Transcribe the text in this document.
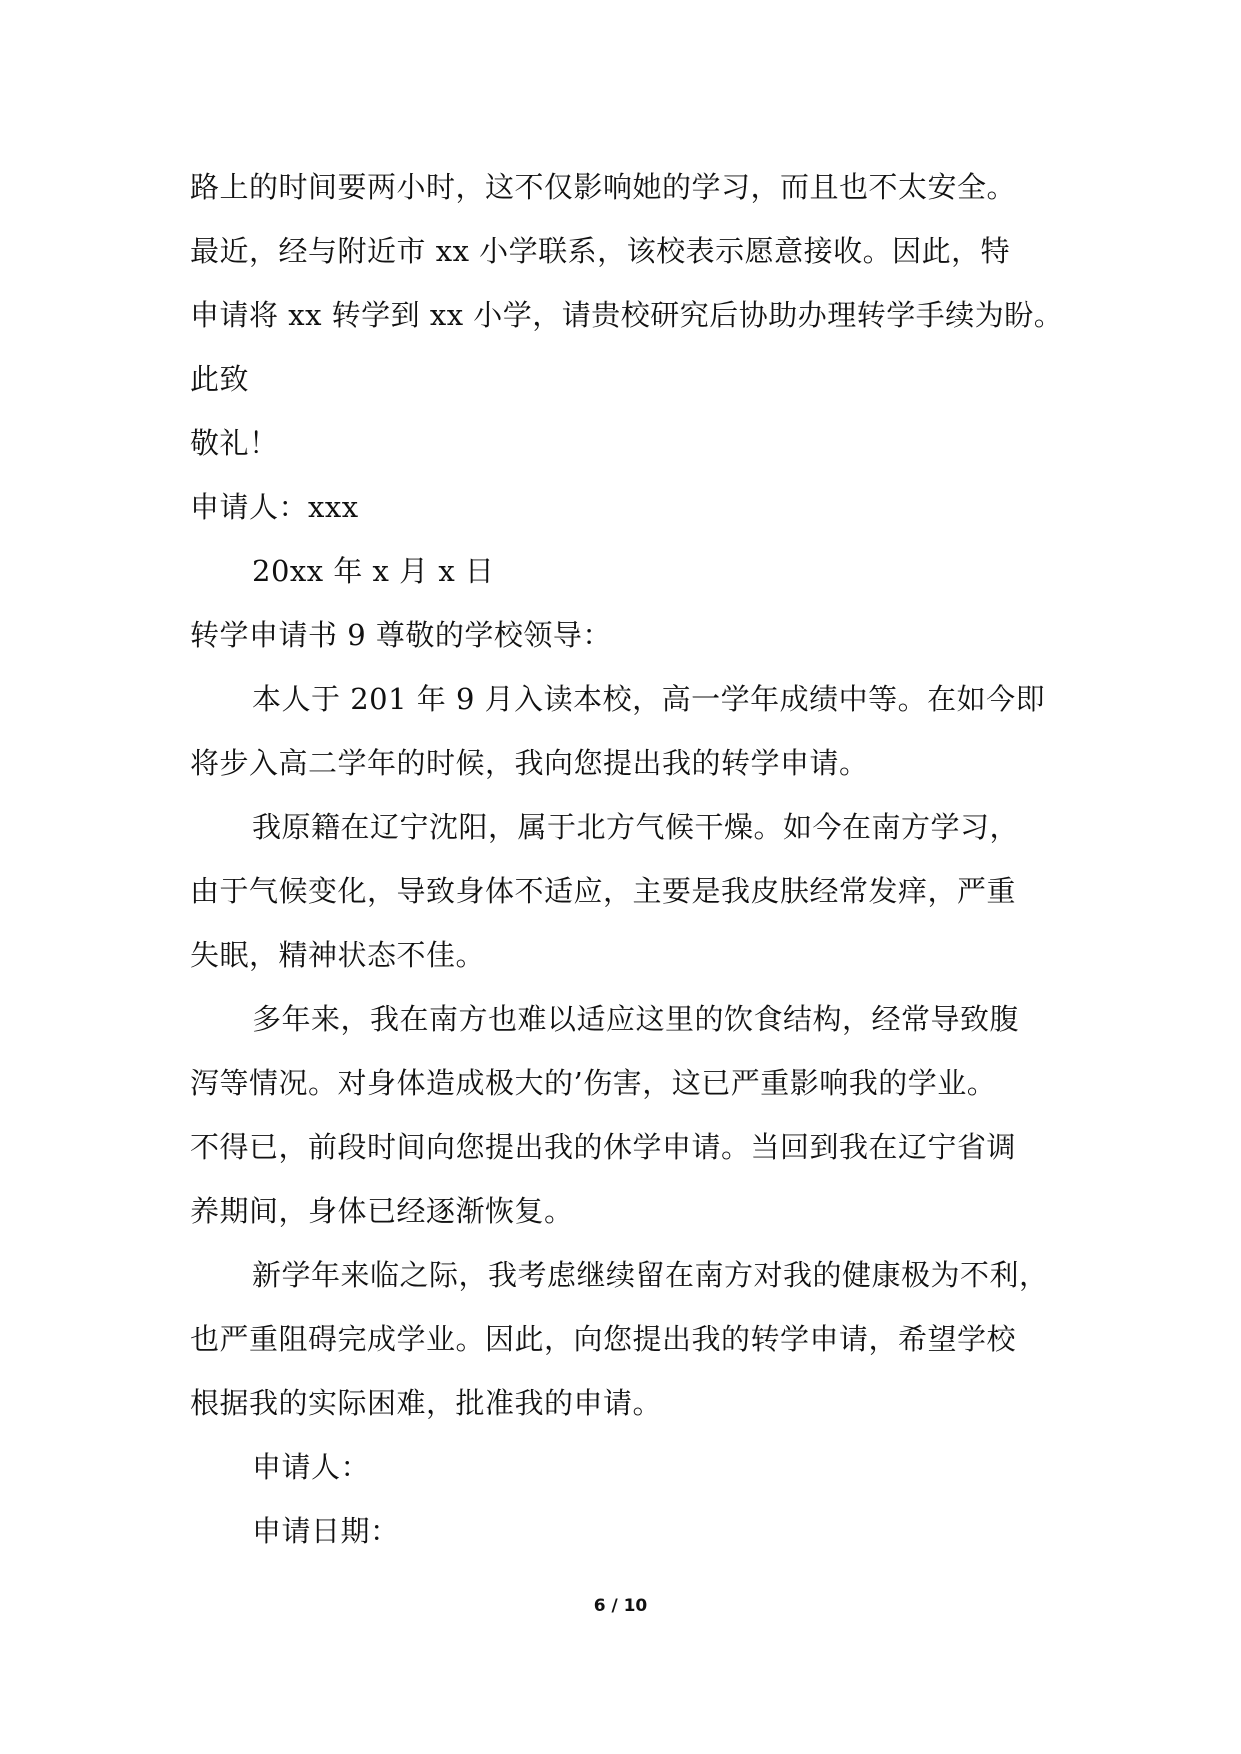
路上的时间要两小时，这不仅影响她的学习，而且也不太安全。
最近，经与附近市 xx 小学联系，该校表示愿意接收。因此，特
申请将 xx 转学到 xx 小学，请贵校研究后协助办理转学手续为盼。
此致
敬礼！
申请人：xxx
20xx 年 x 月 x 日
转学申请书 9 尊敬的学校领导：
本人于 201 年 9 月入读本校，高一学年成绩中等。在如今即
将步入高二学年的时候，我向您提出我的转学申请。
我原籍在辽宁沈阳，属于北方气候干燥。如今在南方学习，
由于气候变化，导致身体不适应，主要是我皮肤经常发痒，严重
失眠，精神状态不佳。
多年来，我在南方也难以适应这里的饮食结构，经常导致腹
泻等情况。对身体造成极大的’伤害，这已严重影响我的学业。
不得已，前段时间向您提出我的休学申请。当回到我在辽宁省调
养期间，身体已经逐渐恢复。
新学年来临之际，我考虑继续留在南方对我的健康极为不利，
也严重阻碍完成学业。因此，向您提出我的转学申请，希望学校
根据我的实际困难，批准我的申请。
申请人：
申请日期：
6 / 10
